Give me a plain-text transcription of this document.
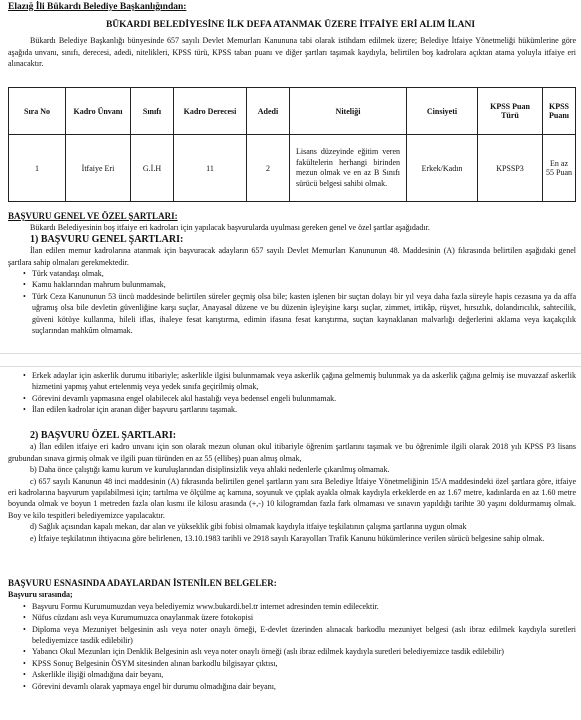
Elazığ İli Bükardı Belediye Başkanlığından:
BÜKARDI BELEDİYESİNE İLK DEFA ATANMAK ÜZERE İTFAİYE ERİ ALIM İLANI
Bükardı Belediye Başkanlığı bünyesinde 657 sayılı Devlet Memurları Kanununa tabi olarak istihdam edilmek üzere; Belediye İtfaiye Yönetmeliği hükümlerine göre aşağıda unvanı, sınıfı, derecesi, adedi, nitelikleri, KPSS türü, KPSS taban puanı ve diğer şartları taşımak kaydıyla, belirtilen boş kadrolara açıktan atama yoluyla itfaiye eri alınacaktır.
Sıra No	Kadro Ünvanı	Sınıfı	Kadro Derecesi	Adedi	Niteliği	Cinsiyeti	KPSS Puan Türü	KPSS Puanı
1	İtfaiye Eri	G.İ.H	11	2	Lisans düzeyinde eğitim veren fakültelerin herhangi birinden mezun olmak ve en az B Sınıfı sürücü belgesi sahibi olmak.	Erkek/Kadın	KPSSP3	En az 55 Puan
BAŞVURU GENEL VE ÖZEL ŞARTLARI:
Bükardı Belediyesinin boş itfaiye eri kadroları için yapılacak başvurularda uyulması gereken genel ve özel şartlar aşağıdadır.
1) BAŞVURU GENEL ŞARTLARI:
İlan edilen memur kadrolarına atanmak için başvuracak adayların 657 sayılı Devlet Memurları Kanununun 48. Maddesinin (A) fıkrasında belirtilen aşağıdaki genel şartlara sahip olmaları gerekmektedir.
• Türk vatandaşı olmak,
• Kamu haklarından mahrum bulunmamak,
• Türk Ceza Kanununun 53 üncü maddesinde belirtilen süreler geçmiş olsa bile; kasten işlenen bir suçtan dolayı bir yıl veya daha fazla süreyle hapis cezasına ya da affa uğramış olsa bile devletin güvenliğine karşı suçlar, Anayasal düzene ve bu düzenin işleyişine karşı suçlar, zimmet, irtikâp, rüşvet, hırsızlık, dolandırıcılık, sahtecilik, güveni kötüye kullanma, hileli iflas, ihaleye fesat karıştırma, edimin ifasına fesat karıştırma, suçtan kaynaklanan malvarlığı değerlerini aklama veya kaçakçılık suçlarından mahkûm olmamak.
• Erkek adaylar için askerlik durumu itibariyle; askerlikle ilgisi bulunmamak veya askerlik çağına gelmemiş bulunmak ya da askerlik çağına gelmiş ise muvazzaf askerlik hizmetini yapmış yahut ertelenmiş veya yedek sınıfa geçirilmiş olmak,
• Görevini devamlı yapmasına engel olabilecek akıl hastalığı veya bedensel engeli bulunmamak.
• İlan edilen kadrolar için aranan diğer başvuru şartlarını taşımak.
2) BAŞVURU ÖZEL ŞARTLARI:
a) İlan edilen itfaiye eri kadro unvanı için son olarak mezun olunan okul itibariyle öğrenim şartlarını taşımak ve bu öğrenimle ilgili olarak 2018 yılı KPSS P3 lisans grubundan sınava girmiş olmak ve ilgili puan türünden en az 55 (ellibeş) puan almış olmak,
b) Daha önce çalıştığı kamu kurum ve kuruluşlarından disiplinsizlik veya ahlaki nedenlerle çıkarılmış olmamak.
c) 657 sayılı Kanunun 48 inci maddesinin (A) fıkrasında belirtilen genel şartların yanı sıra Belediye İtfaiye Yönetmeliğinin 15/A maddesindeki özel şartlara göre, itfaiye eri kadrolarına başvurum yapılabilmesi için; tartılma ve ölçülme aç karnına, soyunuk ve çıplak ayakla olmak kaydıyla erkeklerde en az 1.67 metre, kadınlarda en az 1.60 metre boyunda olmak ve boyun 1 metreden fazla olan kısmı ile kilosu arasında (+,-) 10 kilogramdan fazla fark olmaması ve sınavın yapıldığı tarihte 30 yaşını doldurmamış olmak. Boy ve kilo tespitleri belediyemizce yapılacaktır.
d) Sağlık açısından kapalı mekan, dar alan ve yükseklik gibi fobisi olmamak kaydıyla itfaiye teşkilatının çalışma şartlarına uygun olmak
e) İtfaiye teşkilatının ihtiyacına göre belirlenen, 13.10.1983 tarihli ve 2918 sayılı Karayolları Trafik Kanunu hükümlerince verilen sürücü belgesine sahip olmak.
BAŞVURU ESNASINDA ADAYLARDAN İSTENİLEN BELGELER:
Başvuru sırasında;
• Başvuru Formu Kurumumuzdan veya belediyemiz www.bukardi.bel.tr internet adresinden temin edilecektir.
• Nüfus cüzdanı aslı veya Kurumumuzca onaylanmak üzere fotokopisi
• Diploma veya Mezuniyet belgesinin aslı veya noter onaylı örneği, E-devlet üzerinden alınacak barkodlu mezuniyet belgesi (aslı ibraz edilmek kaydıyla suretleri belediyemizce tasdik edilebilir)
• Yabancı Okul Mezunları için Denklik Belgesinin aslı veya noter onaylı örneği (aslı ibraz edilmek kaydıyla suretleri belediyemizce tasdik edilebilir)
• KPSS Sonuç Belgesinin ÖSYM sitesinden alınan barkodlu bilgisayar çıktısı,
• Askerlikle ilişiği olmadığına dair beyanı,
• Görevini devamlı olarak yapmaya engel bir durumu olmadığına dair beyanı,
